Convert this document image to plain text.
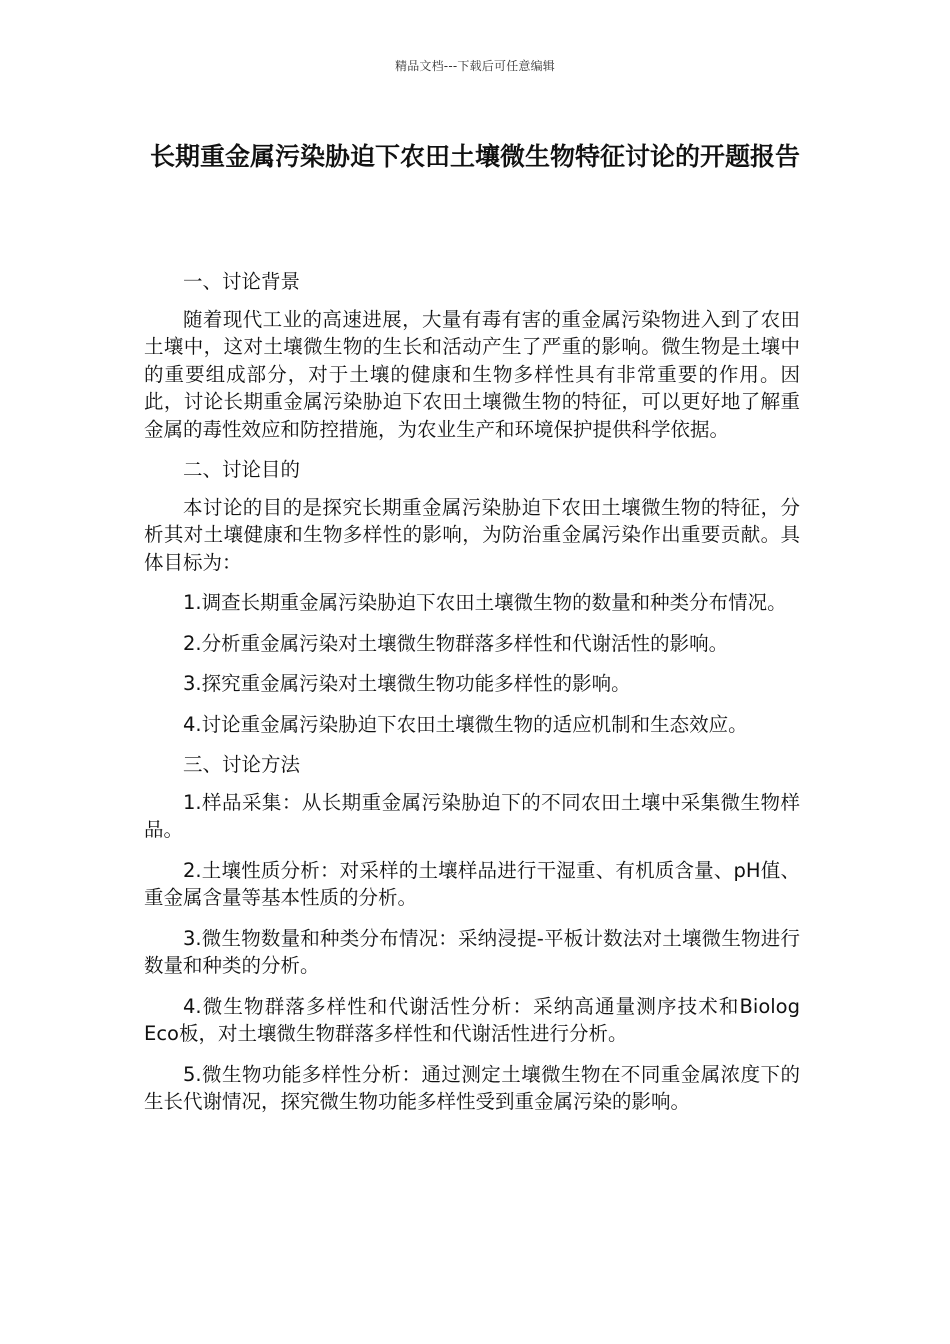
精品文档---下载后可任意编辑
长期重金属污染胁迫下农田土壤微生物特征讨论的开题报告

一、讨论背景

随着现代工业的高速进展，大量有毒有害的重金属污染物进入到了农田土壤中，这对土壤微生物的生长和活动产生了严重的影响。微生物是土壤中的重要组成部分，对于土壤的健康和生物多样性具有非常重要的作用。因此，讨论长期重金属污染胁迫下农田土壤微生物的特征，可以更好地了解重金属的毒性效应和防控措施，为农业生产和环境保护提供科学依据。

二、讨论目的

本讨论的目的是探究长期重金属污染胁迫下农田土壤微生物的特征，分析其对土壤健康和生物多样性的影响，为防治重金属污染作出重要贡献。具体目标为：

1.调查长期重金属污染胁迫下农田土壤微生物的数量和种类分布情况。

2.分析重金属污染对土壤微生物群落多样性和代谢活性的影响。

3.探究重金属污染对土壤微生物功能多样性的影响。

4.讨论重金属污染胁迫下农田土壤微生物的适应机制和生态效应。

三、讨论方法

1.样品采集：从长期重金属污染胁迫下的不同农田土壤中采集微生物样品。

2.土壤性质分析：对采样的土壤样品进行干湿重、有机质含量、pH值、重金属含量等基本性质的分析。

3.微生物数量和种类分布情况：采纳浸提-平板计数法对土壤微生物进行数量和种类的分析。

4.微生物群落多样性和代谢活性分析：采纳高通量测序技术和Biolog Eco板，对土壤微生物群落多样性和代谢活性进行分析。

5.微生物功能多样性分析：通过测定土壤微生物在不同重金属浓度下的生长代谢情况，探究微生物功能多样性受到重金属污染的影响。
